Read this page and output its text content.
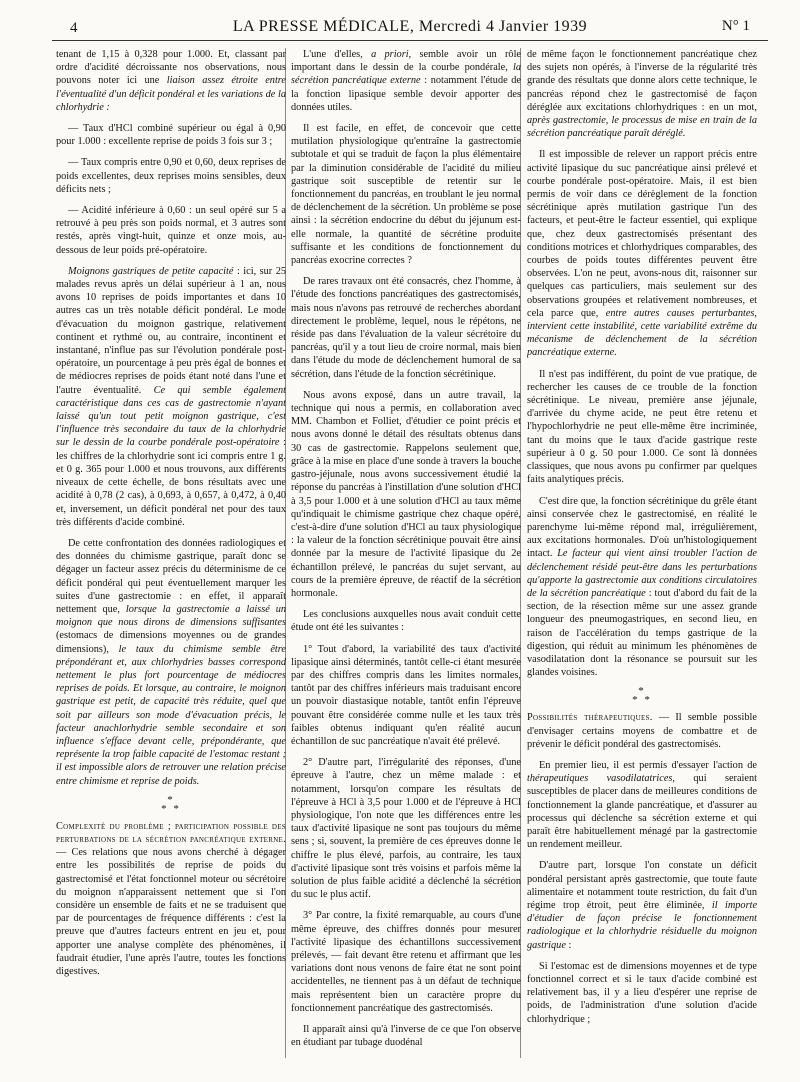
4	LA PRESSE MÉDICALE, Mercredi 4 Janvier 1939	N° 1

tenant de 1,15 à 0,328 pour 1.000. Et, classant par ordre d'acidité décroissante nos observations, nous pouvons noter ici une liaison assez étroite entre l'éventualité d'un déficit pondéral et les variations de la chlorhydrie :

— Taux d'HCl combiné supérieur ou égal à 0,90 pour 1.000 : excellente reprise de poids 3 fois sur 3 ;

— Taux compris entre 0,90 et 0,60, deux reprises de poids excellentes, deux reprises moins sensibles, deux déficits nets ;

— Acidité inférieure à 0,60 : un seul opéré sur 5 a retrouvé à peu près son poids normal, et 3 autres sont restés, après vingt-huit, quinze et onze mois, au-dessous de leur poids pré-opératoire.

Moignons gastriques de petite capacité : ici, sur 25 malades revus après un délai supérieur à 1 an, nous avons 10 reprises de poids importantes et dans 10 autres cas un très notable déficit pondéral. Le mode d'évacuation du moignon gastrique, relativement continent et rythmé ou, au contraire, incontinent et instantané, n'influe pas sur l'évolution pondérale post-opératoire, un pourcentage à peu près égal de bonnes et de médiocres reprises de poids étant noté dans l'une et l'autre éventualité. Ce qui semble également caractéristique dans ces cas de gastrectomie n'ayant laissé qu'un tout petit moignon gastrique, c'est l'influence très secondaire du taux de la chlorhydrie sur le dessin de la courbe pondérale post-opératoire : les chiffres de la chlorhydrie sont ici compris entre 1 g. et 0 g. 365 pour 1.000 et nous trouvons, aux différents niveaux de cette échelle, de bons résultats avec une acidité à 0,78 (2 cas), à 0,693, à 0,657, à 0,472, à 0,40 et, inversement, un déficit pondéral net pour des taux très différents d'acide combiné.

De cette confrontation des données radiologiques et des données du chimisme gastrique, paraît donc se dégager un facteur assez précis du déterminisme de ce déficit pondéral qui peut éventuellement marquer les suites d'une gastrectomie : en effet, il apparaît nettement que, lorsque la gastrectomie a laissé un moignon que nous dirons de dimensions suffisantes (estomacs de dimensions moyennes ou de grandes dimensions), le taux du chimisme semble être prépondérant et, aux chlorhydries basses correspond nettement le plus fort pourcentage de médiocres reprises de poids. Et lorsque, au contraire, le moignon gastrique est petit, de capacité très réduite, quel que soit par ailleurs son mode d'évacuation précis, le facteur anachlorhydrie semble secondaire et son influence s'efface devant celle, prépondérante, que représente la trop faible capacité de l'estomac restant ; il est impossible alors de retrouver une relation précise entre chimisme et reprise de poids.

*
* *

Complexité du problème ; participation possible des perturbations de la sécrétion pancréatique externe. — Ces relations que nous avons cherché à dégager entre les possibilités de reprise de poids du gastrectomisé et l'état fonctionnel moteur ou sécrétoire du moignon n'apparaissent nettement que si l'on considère un ensemble de faits et ne se traduisent que par de pourcentages de fréquence différents : c'est la preuve que d'autres facteurs entrent en jeu et, pour apporter une analyse complète des phénomènes, il faudrait étudier, l'une après l'autre, toutes les fonctions digestives.

L'une d'elles, a priori, semble avoir un rôle important dans le dessin de la courbe pondérale, la sécrétion pancréatique externe : notamment l'étude de la fonction lipasique semble devoir apporter des données utiles.

Il est facile, en effet, de concevoir que cette mutilation physiologique qu'entraîne la gastrectomie subtotale et qui se traduit de façon la plus élémentaire par la diminution considérable de l'acidité du milieu gastrique soit susceptible de retentir sur le fonctionnement du pancréas, en troublant le jeu normal de déclenchement de la sécrétion. Un problème se pose ainsi : la sécrétion endocrine du début du jéjunum est-elle normale, la quantité de sécrétine produite suffisante et les conditions de fonctionnement du pancréas exocrine correctes ?

De rares travaux ont été consacrés, chez l'homme, à l'étude des fonctions pancréatiques des gastrectomisés, mais nous n'avons pas retrouvé de recherches abordant directement le problème, lequel, nous le répétons, ne réside pas dans l'évaluation de la valeur sécrétoire du pancréas, qu'il y a tout lieu de croire normal, mais bien dans l'étude du mode de déclenchement humoral de sa sécrétion, dans l'étude de la fonction sécrétinique.

Nous avons exposé, dans un autre travail, la technique qui nous a permis, en collaboration avec MM. Chambon et Folliet, d'étudier ce point précis et nous avons donné le détail des résultats obtenus dans 30 cas de gastrectomie. Rappelons seulement que, grâce à la mise en place d'une sonde à travers la bouche gastro-jéjunale, nous avons successivement étudié la réponse du pancréas à l'instillation d'une solution d'HCl à 3,5 pour 1.000 et à une solution d'HCl au taux même qu'indiquait le chimisme gastrique chez chaque opéré, c'est-à-dire d'une solution d'HCl au taux physiologique : la valeur de la fonction sécrétinique pouvait être ainsi donnée par la mesure de l'activité lipasique du 2e échantillon prélevé, le pancréas du sujet servant, au cours de la première épreuve, de réactif de la sécrétion hormonale.

Les conclusions auxquelles nous avait conduit cette étude ont été les suivantes :

1° Tout d'abord, la variabilité des taux d'activité lipasique ainsi déterminés, tantôt celle-ci étant mesurée par des chiffres compris dans les limites normales, tantôt par des chiffres inférieurs mais traduisant encore un pouvoir diastasique notable, tantôt enfin l'épreuve pouvant être considérée comme nulle et les taux très faibles obtenus indiquant qu'en réalité aucun échantillon de suc pancréatique n'avait été prélevé.

2° D'autre part, l'irrégularité des réponses, d'une épreuve à l'autre, chez un même malade : et notamment, lorsqu'on compare les résultats de l'épreuve à HCl à 3,5 pour 1.000 et de l'épreuve à HCl physiologique, l'on note que les différences entre les taux d'activité lipasique ne sont pas toujours du même sens ; si, souvent, la première de ces épreuves donne le chiffre le plus élevé, parfois, au contraire, les taux d'activité lipasique sont très voisins et parfois même la solution de plus faible acidité a déclenché la sécrétion du suc le plus actif.

3° Par contre, la fixité remarquable, au cours d'une même épreuve, des chiffres donnés pour mesurer l'activité lipasique des échantillons successivement prélevés, — fait devant être retenu et affirmant que les variations dont nous venons de faire état ne sont point accidentelles, ne tiennent pas à un défaut de technique mais représentent bien un caractère propre du fonctionnement pancréatique des gastrectomisés.

Il apparaît ainsi qu'à l'inverse de ce que l'on observe en étudiant par tubage duodénal

de même façon le fonctionnement pancréatique chez des sujets non opérés, à l'inverse de la régularité très grande des résultats que donne alors cette technique, le pancréas répond chez le gastrectomisé de façon déréglée aux excitations chlorhydriques : en un mot, après gastrectomie, le processus de mise en train de la sécrétion pancréatique paraît déréglé.

Il est impossible de relever un rapport précis entre activité lipasique du suc pancréatique ainsi prélevé et courbe pondérale post-opératoire. Mais, il est bien permis de voir dans ce dérèglement de la fonction sécrétinique après mutilation gastrique l'un des facteurs, et peut-être le facteur essentiel, qui explique que, chez deux gastrectomisés présentant des conditions motrices et chlorhydriques comparables, des courbes de poids toutes différentes peuvent être observées. L'on ne peut, avons-nous dit, raisonner sur quelques cas particuliers, mais seulement sur des observations groupées et relativement nombreuses, et cela parce que, entre autres causes perturbantes, intervient cette instabilité, cette variabilité extrême du mécanisme de déclenchement de la sécrétion pancréatique externe.

Il n'est pas indifférent, du point de vue pratique, de rechercher les causes de ce trouble de la fonction sécrétinique. Le niveau, première anse jéjunale, d'arrivée du chyme acide, ne peut être retenu et l'hypochlorhydrie ne peut elle-même être incriminée, tant du moins que le taux d'acide gastrique reste supérieur à 0 g. 50 pour 1.000. Ce sont là données classiques, que nous avons pu confirmer par quelques faits analytiques précis.

C'est dire que, la fonction sécrétinique du grêle étant ainsi conservée chez le gastrectomisé, en réalité le parenchyme lui-même répond mal, irrégulièrement, aux excitations hormonales. D'où un'histologiquement intact. Le facteur qui vient ainsi troubler l'action de déclenchement résidé peut-être dans les perturbations qu'apporte la gastrectomie aux conditions circulatoires de la sécrétion pancréatique : tout d'abord du fait de la section, de la résection même sur une assez grande longueur des pneumogastriques, en second lieu, en raison de l'accélération du temps gastrique de la digestion, qui réduit au minimum les phénomènes de vasodilatation dont la résonance se poursuit sur les glandes voisines.

*
* *

Possibilités thérapeutiques. — Il semble possible d'envisager certains moyens de combattre et de prévenir le déficit pondéral des gastrectomisés.

En premier lieu, il est permis d'essayer l'action de thérapeutiques vasodilatatrices, qui seraient susceptibles de placer dans de meilleures conditions de fonctionnement la glande pancréatique, et d'assurer au processus qui déclenche sa sécrétion externe et qui paraît être habituellement ménagé par la gastrectomie un rendement meilleur.

D'autre part, lorsque l'on constate un déficit pondéral persistant après gastrectomie, que toute faute alimentaire et notamment toute restriction, du fait d'un régime trop étroit, peut être éliminée, il importe d'étudier de façon précise le fonctionnement radiologique et la chlorhydrie résiduelle du moignon gastrique :

Si l'estomac est de dimensions moyennes et de type fonctionnel correct et si le taux d'acide combiné est relativement bas, il y a lieu d'espérer une reprise de poids, de l'administration d'une solution d'acide chlorhydrique ;
